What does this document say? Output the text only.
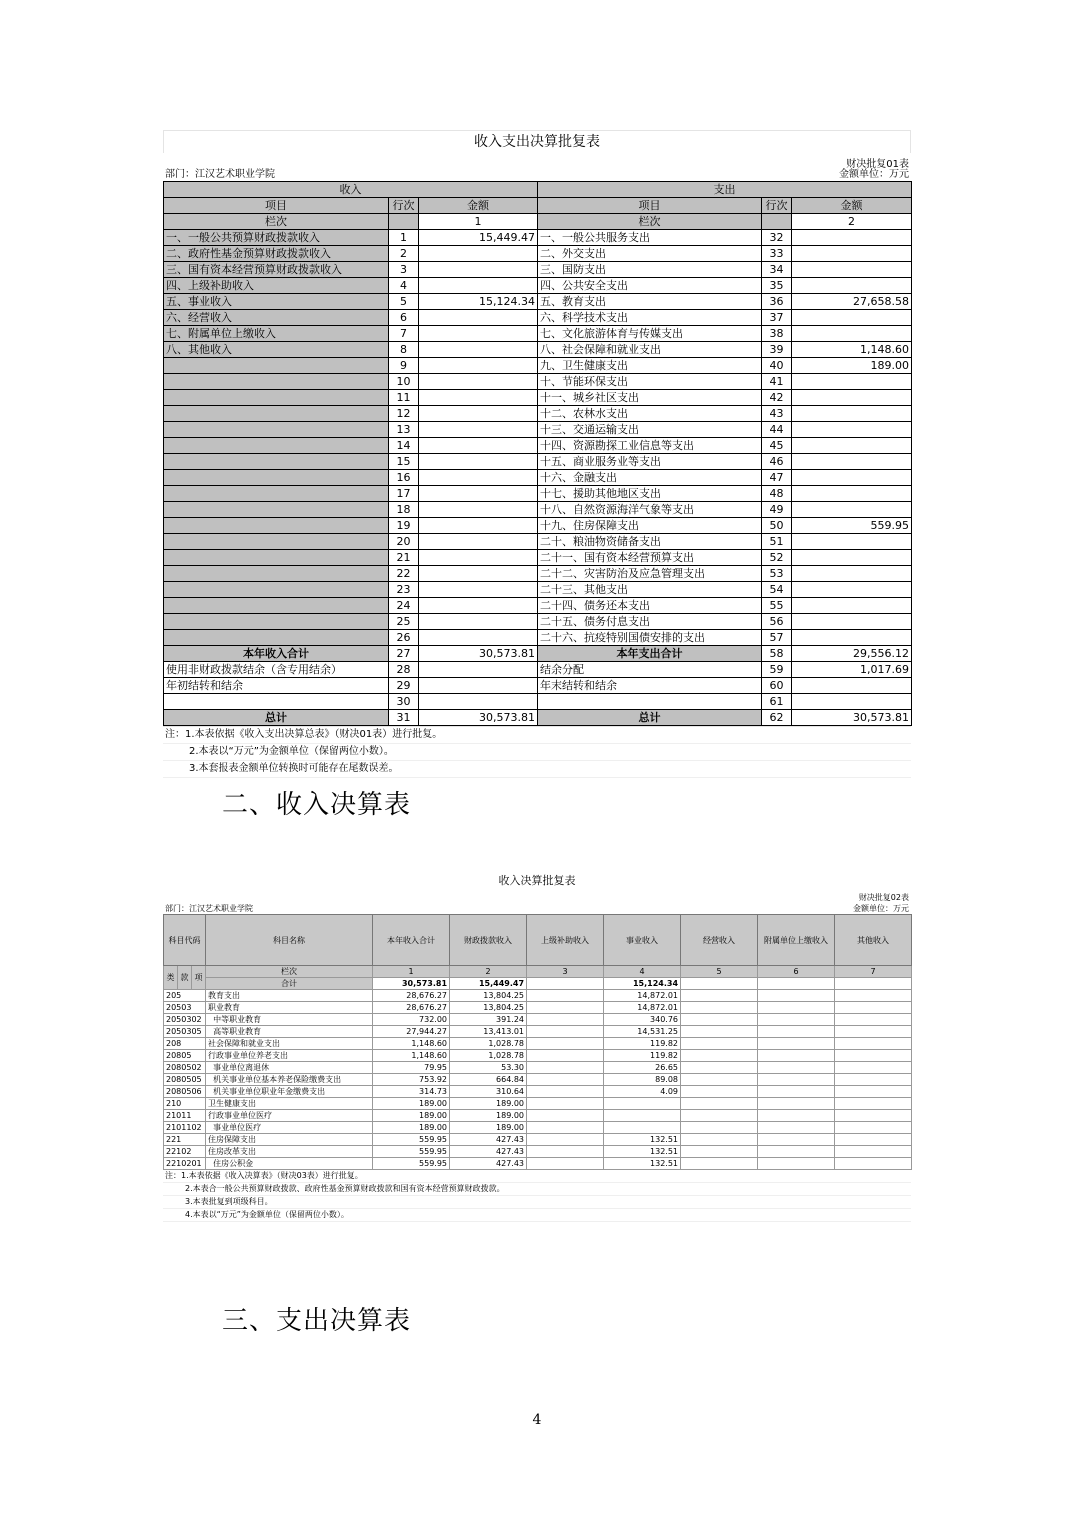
收入支出决算批复表
部门：江汉艺术职业学院
财决批复01表
金额单位：万元
收入			支出		
项目	行次	金额	项目	行次	金额
栏次		1	栏次		2
一、一般公共预算财政拨款收入	1	15,449.47	一、一般公共服务支出	32	
二、政府性基金预算财政拨款收入	2		二、外交支出	33	
三、国有资本经营预算财政拨款收入	3		三、国防支出	34	
四、上级补助收入	4		四、公共安全支出	35	
五、事业收入	5	15,124.34	五、教育支出	36	27,658.58
六、经营收入	6		六、科学技术支出	37	
七、附属单位上缴收入	7		七、文化旅游体育与传媒支出	38	
八、其他收入	8		八、社会保障和就业支出	39	1,148.60
	9		九、卫生健康支出	40	189.00
	10		十、节能环保支出	41	
	11		十一、城乡社区支出	42	
	12		十二、农林水支出	43	
	13		十三、交通运输支出	44	
	14		十四、资源勘探工业信息等支出	45	
	15		十五、商业服务业等支出	46	
	16		十六、金融支出	47	
	17		十七、援助其他地区支出	48	
	18		十八、自然资源海洋气象等支出	49	
	19		十九、住房保障支出	50	559.95
	20		二十、粮油物资储备支出	51	
	21		二十一、国有资本经营预算支出	52	
	22		二十二、灾害防治及应急管理支出	53	
	23		二十三、其他支出	54	
	24		二十四、债务还本支出	55	
	25		二十五、债务付息支出	56	
	26		二十六、抗疫特别国债安排的支出	57	
本年收入合计	27	30,573.81	本年支出合计	58	29,556.12
使用非财政拨款结余（含专用结余）	28		结余分配	59	1,017.69
年初结转和结余	29		年末结转和结余	60	
	30			61	
总计	31	30,573.81	总计	62	30,573.81
注：1.本表依据《收入支出决算总表》（财决01表）进行批复。
2.本表以“万元”为金额单位（保留两位小数）。
3.本套报表金额单位转换时可能存在尾数误差。
二、收入决算表
收入决算批复表
部门：江汉艺术职业学院
财决批复02表
金额单位：万元
科目代码			科目名称	本年收入合计	财政拨款收入	上级补助收入	事业收入	经营收入	附属单位上缴收入	其他收入
类	款	项	栏次	1	2	3	4	5	6	7
			合计	30,573.81	15,449.47		15,124.34			
205			教育支出	28,676.27	13,804.25		14,872.01			
20503			职业教育	28,676.27	13,804.25		14,872.01			
2050302			中等职业教育	732.00	391.24		340.76			
2050305			高等职业教育	27,944.27	13,413.01		14,531.25			
208			社会保障和就业支出	1,148.60	1,028.78		119.82			
20805			行政事业单位养老支出	1,148.60	1,028.78		119.82			
2080502			事业单位离退休	79.95	53.30		26.65			
2080505			机关事业单位基本养老保险缴费支出	753.92	664.84		89.08			
2080506			机关事业单位职业年金缴费支出	314.73	310.64		4.09			
210			卫生健康支出	189.00	189.00					
21011			行政事业单位医疗	189.00	189.00					
2101102			事业单位医疗	189.00	189.00					
221			住房保障支出	559.95	427.43		132.51			
22102			住房改革支出	559.95	427.43		132.51			
2210201			住房公积金	559.95	427.43		132.51			
注：1.本表依据《收入决算表》（财决03表）进行批复。
2.本表合一般公共预算财政拨款、政府性基金预算财政拨款和国有资本经营预算财政拨款。
3.本表批复到项级科目。
4.本表以“万元”为金额单位（保留两位小数）。
三、支出决算表
4
